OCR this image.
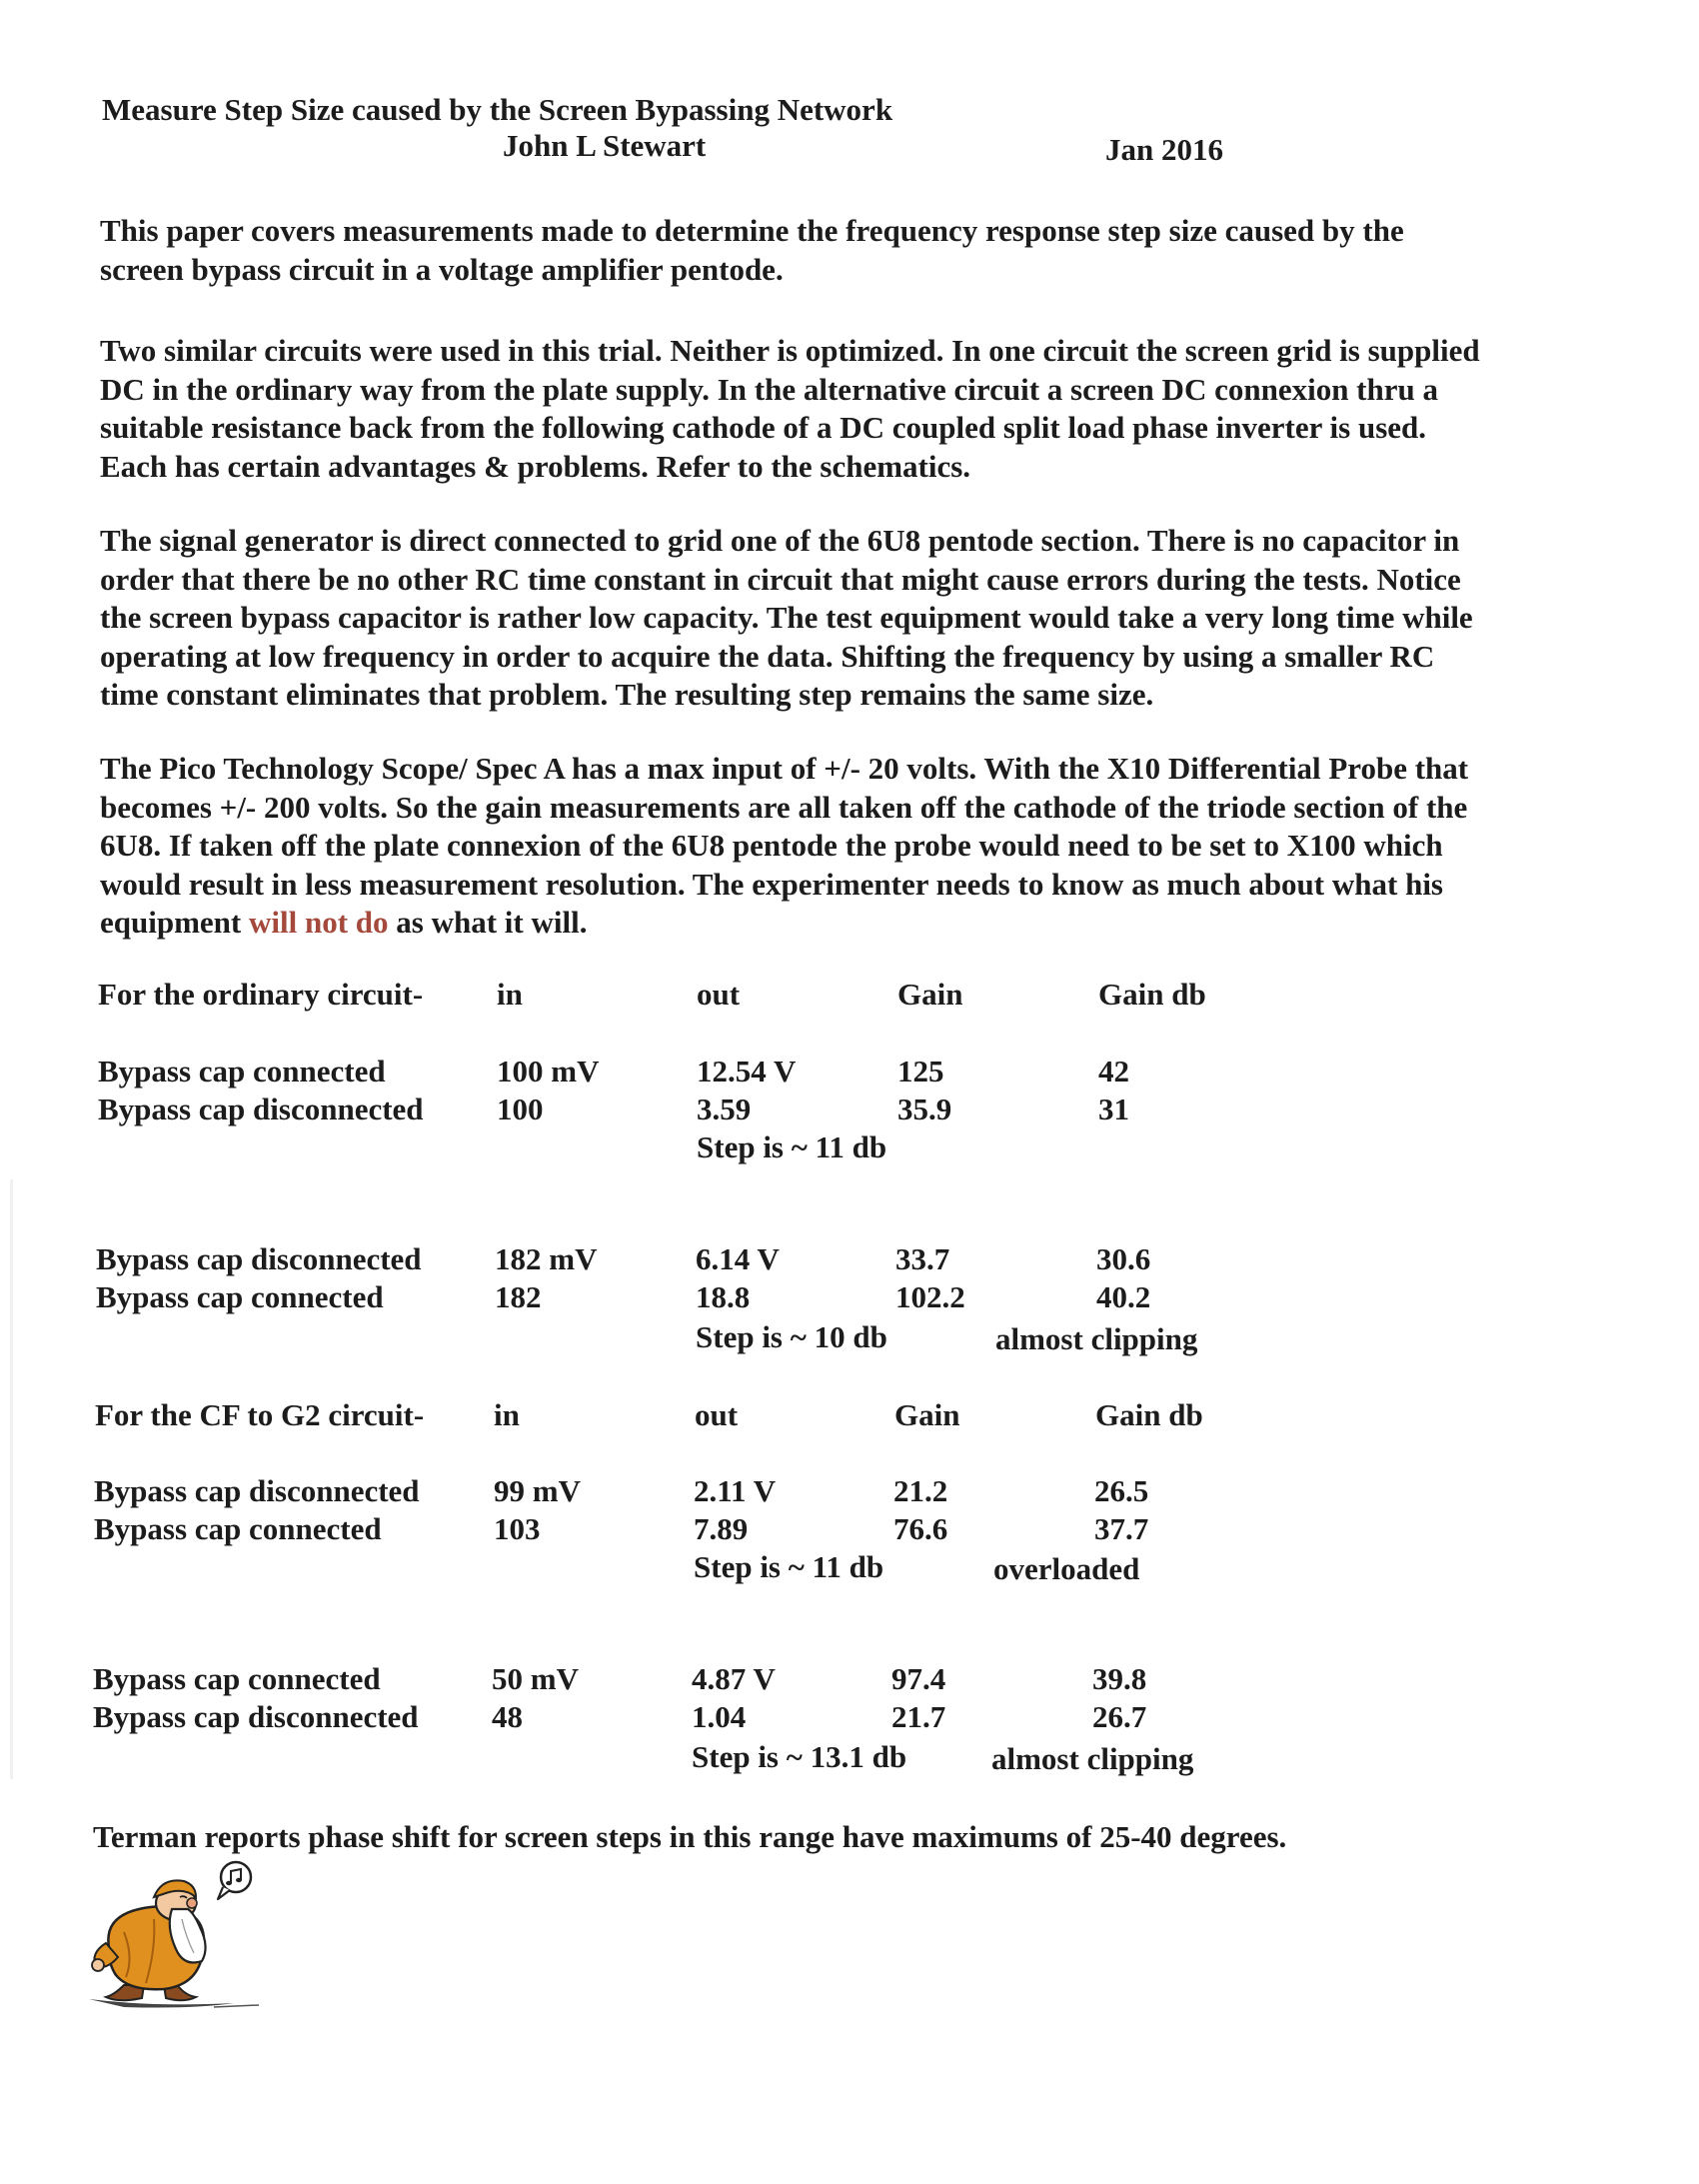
Measure Step Size caused by the Screen Bypassing Network
John L Stewart	Jan 2016

This paper covers measurements made to determine the frequency response step size caused by the
screen bypass circuit in a voltage amplifier pentode.

Two similar circuits were used in this trial. Neither is optimized. In one circuit the screen grid is supplied
DC in the ordinary way from the plate supply. In the alternative circuit a screen DC connexion thru a
suitable resistance back from the following cathode of a DC coupled split load phase inverter is used.
Each has certain advantages & problems. Refer to the schematics.

The signal generator is direct connected to grid one of the 6U8 pentode section. There is no capacitor in
order that there be no other RC time constant in circuit that might cause errors during the tests. Notice
the screen bypass capacitor is rather low capacity. The test equipment would take a very long time while
operating at low frequency in order to acquire the data. Shifting the frequency by using a smaller RC
time constant eliminates that problem. The resulting step remains the same size.

The Pico Technology Scope/ Spec A has a max input of +/- 20 volts. With the X10 Differential Probe that
becomes +/- 200 volts. So the gain measurements are all taken off the cathode of the triode section of the
6U8. If taken off the plate connexion of the 6U8 pentode the probe would need to be set to X100 which
would result in less measurement resolution. The experimenter needs to know as much about what his
equipment will not do as what it will.

For the ordinary circuit- in	out	Gain	Gain db
Bypass cap connected	100 mV	12.54 V	125	42
Bypass cap disconnected 100	3.59	35.9	31
Step is ~ 11 db
Bypass cap disconnected 182 mV	6.14 V	33.7	30.6
Bypass cap connected	182	18.8	102.2	40.2
Step is ~ 10 db	almost clipping
For the CF to G2 circuit- in	out	Gain	Gain db
Bypass cap disconnected 99 mV	2.11 V	21.2	26.5
Bypass cap connected	103	7.89	76.6	37.7
Step is ~ 11 db	overloaded
Bypass cap connected	50 mV	4.87 V	97.4	39.8
Bypass cap disconnected 48	1.04	21.7	26.7
Step is ~ 13.1 db	almost clipping
Terman reports phase shift for screen steps in this range have maximums of 25-40 degrees.
